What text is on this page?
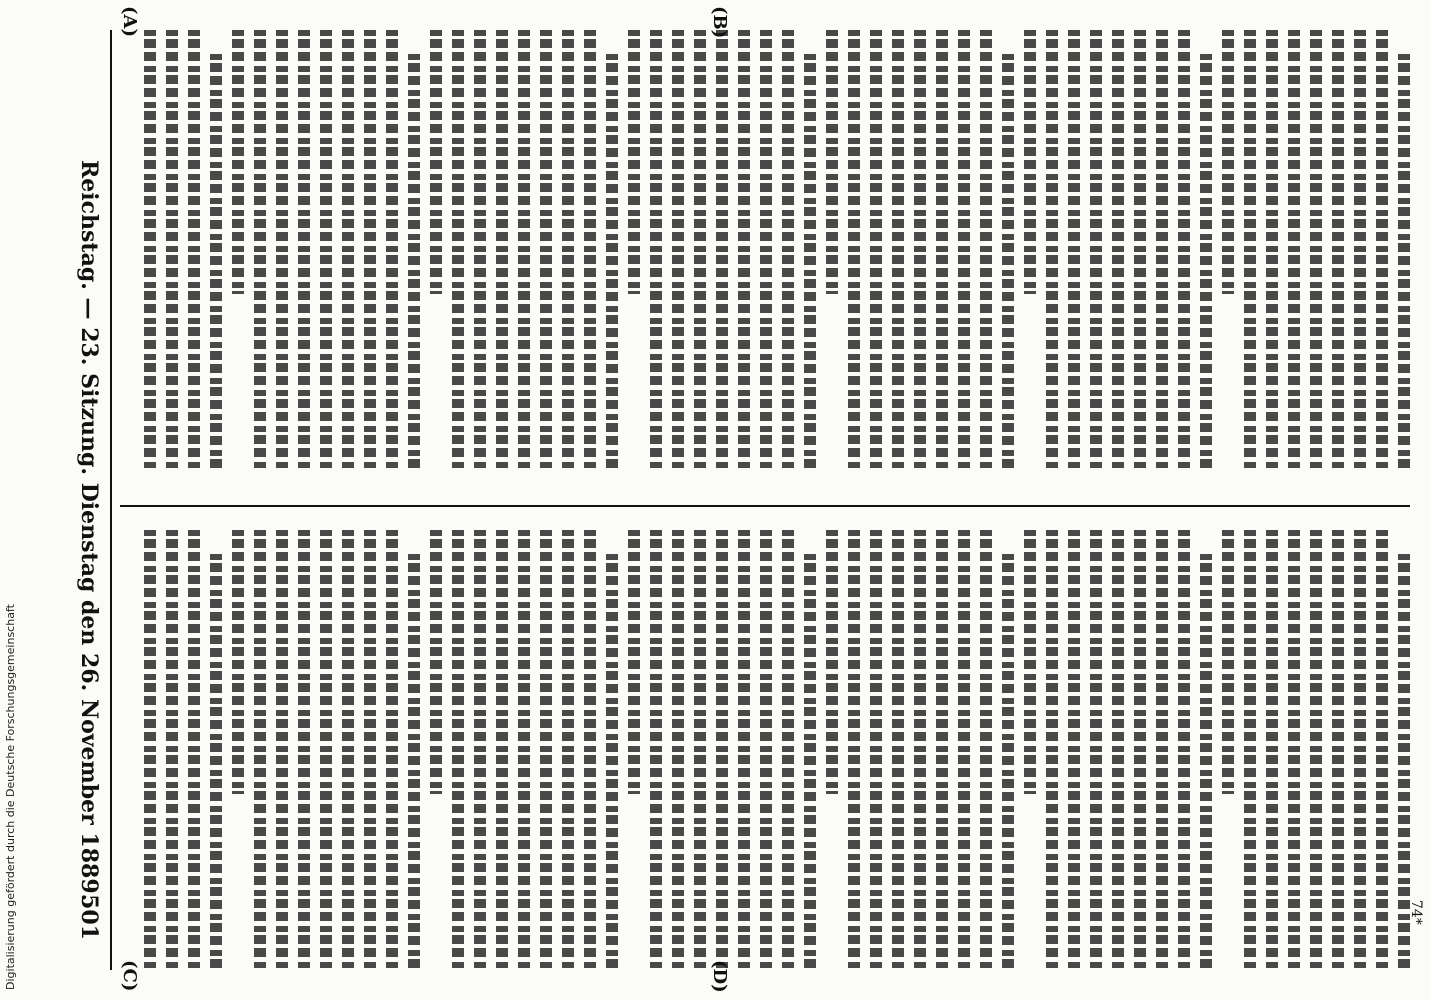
Digitalisierung gefördert durch die Deutsche Forschungsgemeinschaft	Reichstag. — 23. Sitzung. Dienstag den 26. November 1889.
501
(A)	(B)
(C)	(D)
74*
